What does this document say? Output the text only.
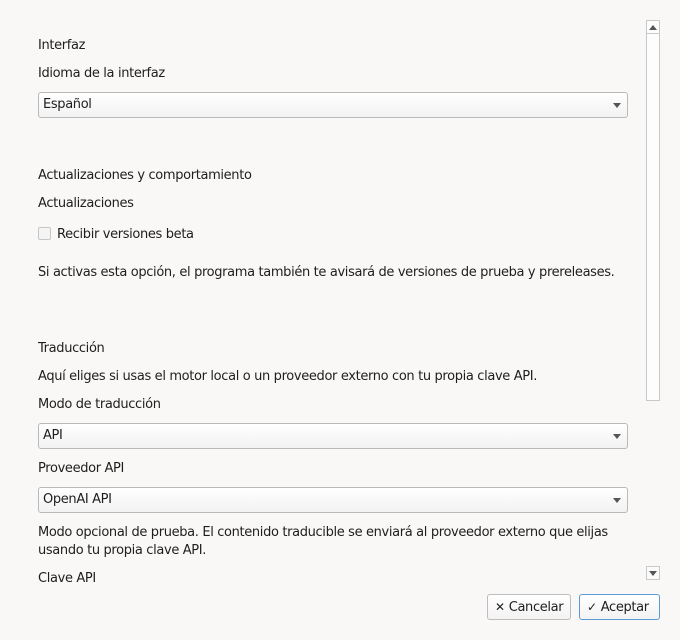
Interfaz
Idioma de la interfaz
Español
Actualizaciones y comportamiento
Actualizaciones
Recibir versiones beta
Si activas esta opción, el programa también te avisará de versiones de prueba y prereleases.
Traducción
Aquí eliges si usas el motor local o un proveedor externo con tu propia clave API.
Modo de traducción
API
Proveedor API
OpenAI API
Modo opcional de prueba. El contenido traducible se enviará al proveedor externo que elijas
usando tu propia clave API.
Clave API
✕ Cancelar	✓ Aceptar
